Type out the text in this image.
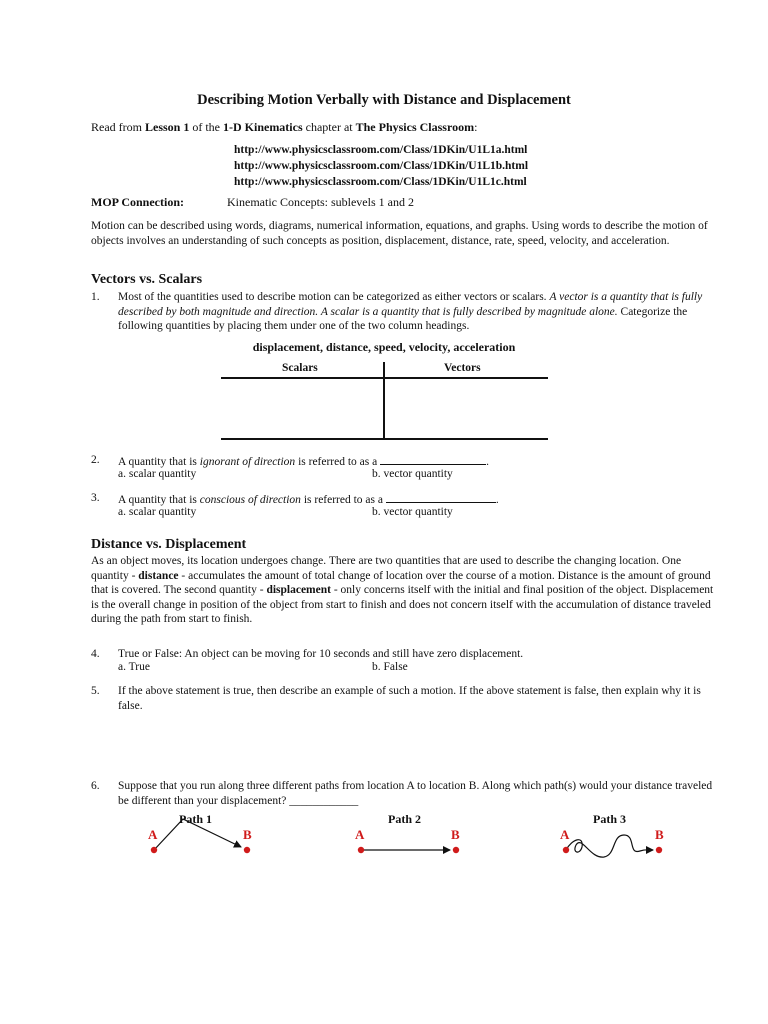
Describing Motion Verbally with Distance and Displacement
Read from Lesson 1 of the 1-D Kinematics chapter at The Physics Classroom:
http://www.physicsclassroom.com/Class/1DKin/U1L1a.html
http://www.physicsclassroom.com/Class/1DKin/U1L1b.html
http://www.physicsclassroom.com/Class/1DKin/U1L1c.html
MOP Connection:	Kinematic Concepts: sublevels 1 and 2
Motion can be described using words, diagrams, numerical information, equations, and graphs. Using words to describe the motion of objects involves an understanding of such concepts as position, displacement, distance, rate, speed, velocity, and acceleration.
Vectors vs. Scalars
1. Most of the quantities used to describe motion can be categorized as either vectors or scalars. A vector is a quantity that is fully described by both magnitude and direction. A scalar is a quantity that is fully described by magnitude alone. Categorize the following quantities by placing them under one of the two column headings.
displacement, distance, speed, velocity, acceleration
Scalars	Vectors
2. A quantity that is ignorant of direction is referred to as a	.
a. scalar quantity	b. vector quantity
3. A quantity that is conscious of direction is referred to as a	.
a. scalar quantity	b. vector quantity
Distance vs. Displacement
As an object moves, its location undergoes change. There are two quantities that are used to describe the changing location. One quantity - distance - accumulates the amount of total change of location over the course of a motion. Distance is the amount of ground that is covered. The second quantity - displacement - only concerns itself with the initial and final position of the object. Displacement is the overall change in position of the object from start to finish and does not concern itself with the accumulation of distance traveled during the path from start to finish.
4. True or False: An object can be moving for 10 seconds and still have zero displacement.
a. True	b. False
5. If the above statement is true, then describe an example of such a motion. If the above statement is false, then explain why it is false.
6. Suppose that you run along three different paths from location A to location B. Along which path(s) would your distance traveled be different than your displacement? ____________
Path 1
A	B
Path 2
A	B
Path 3
A	B
